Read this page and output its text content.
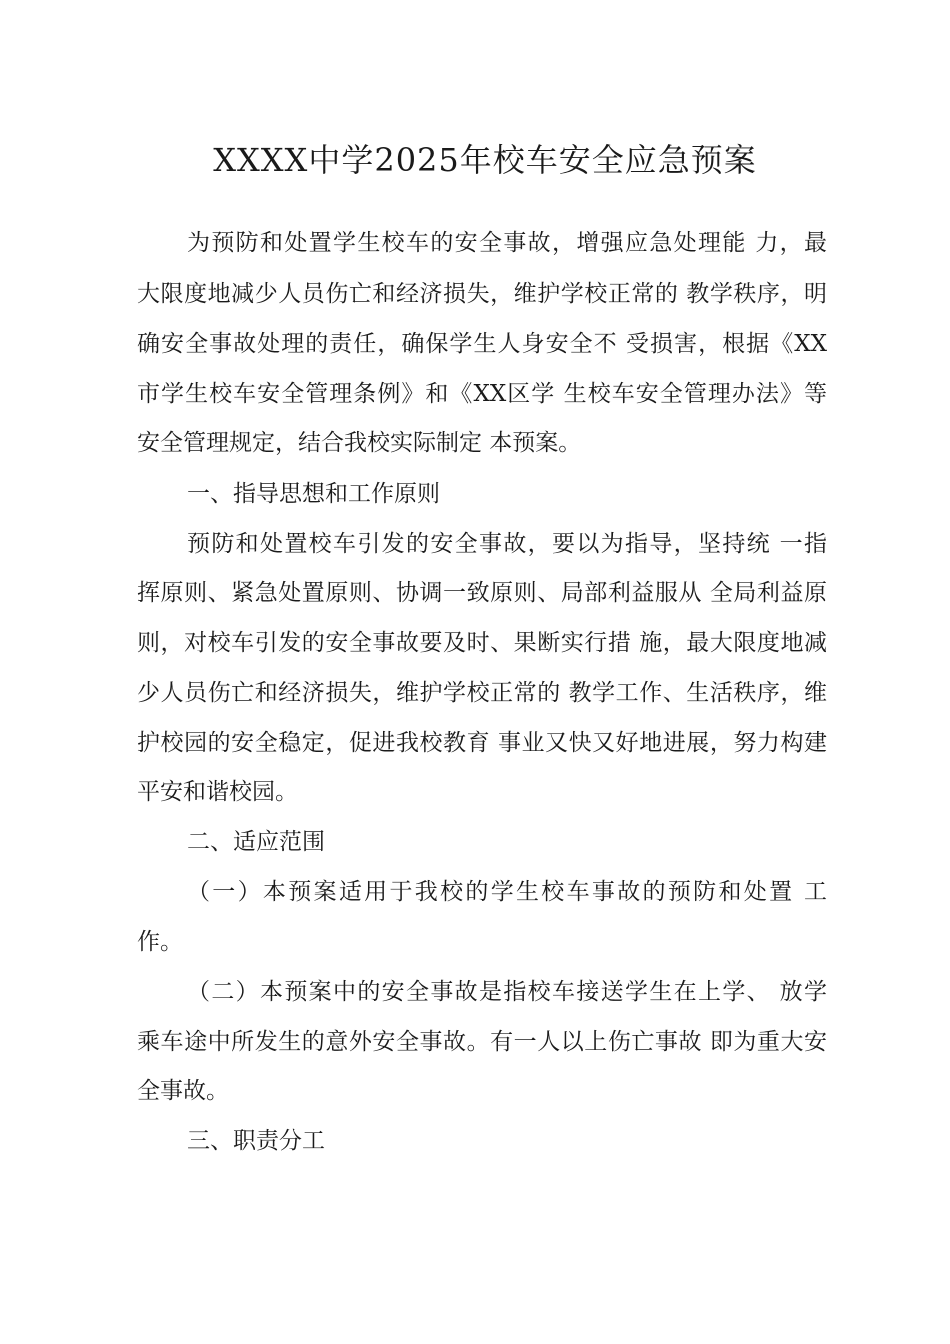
XXXX中学2025年校车安全应急预案

为预防和处置学生校车的安全事故，增强应急处理能 力，最

大限度地减少人员伤亡和经济损失，维护学校正常的 教学秩序，明

确安全事故处理的责任，确保学生人身安全不 受损害，根据《XX

市学生校车安全管理条例》和《XX区学 生校车安全管理办法》等

安全管理规定，结合我校实际制定 本预案。

一、指导思想和工作原则

预防和处置校车引发的安全事故，要以为指导，坚持统 一指

挥原则、紧急处置原则、协调一致原则、局部利益服从 全局利益原

则，对校车引发的安全事故要及时、果断实行措 施，最大限度地减

少人员伤亡和经济损失，维护学校正常的 教学工作、生活秩序，维

护校园的安全稳定，促进我校教育 事业又快又好地进展，努力构建

平安和谐校园。

二、适应范围

（一）本预案适用于我校的学生校车事故的预防和处置 工

作。

（二）本预案中的安全事故是指校车接送学生在上学、 放学

乘车途中所发生的意外安全事故。有一人以上伤亡事故 即为重大安

全事故。

三、职责分工
